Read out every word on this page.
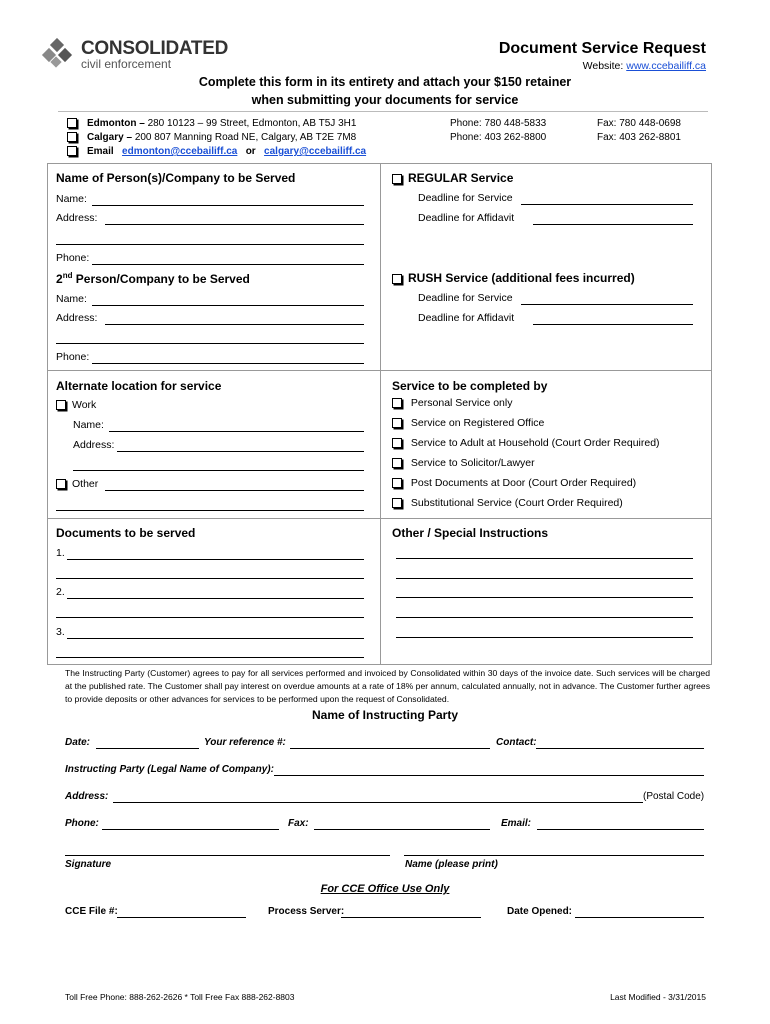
CONSOLIDATED
civil enforcement
Document Service Request
Website: www.ccebailiff.ca
Complete this form in its entirety and attach your $150 retainer
when submitting your documents for service
Edmonton – 280 10123 – 99 Street, Edmonton, AB T5J 3H1	Phone: 780 448-5833	Fax: 780 448-0698
Calgary – 200 807 Manning Road NE, Calgary, AB T2E 7M8	Phone: 403 262-8800	Fax: 403 262-8801
Email edmonton@ccebailiff.ca or calgary@ccebailiff.ca
Name of Person(s)/Company to be Served
Name:
Address:
Phone:
2nd Person/Company to be Served
Name:
Address:
Phone:
REGULAR Service
Deadline for Service
Deadline for Affidavit
RUSH Service (additional fees incurred)
Deadline for Service
Deadline for Affidavit
Alternate location for service
Work
Name:
Address:
Other
Service to be completed by
Personal Service only
Service on Registered Office
Service to Adult at Household (Court Order Required)
Service to Solicitor/Lawyer
Post Documents at Door (Court Order Required)
Substitutional Service (Court Order Required)
Documents to be served
1.
2.
3.
Other / Special Instructions
The Instructing Party (Customer) agrees to pay for all services performed and invoiced by Consolidated within 30 days of the invoice date. Such services will be charged at the published rate. The Customer shall pay interest on overdue amounts at a rate of 18% per annum, calculated annually, not in advance. The Customer further agrees to provide deposits or other advances for services to be performed upon the request of Consolidated.
Name of Instructing Party
Date:	Your reference #:	Contact:
Instructing Party (Legal Name of Company):
Address:	(Postal Code)
Phone:	Fax:	Email:
Signature	Name (please print)
For CCE Office Use Only
CCE File #:	Process Server:	Date Opened:
Toll Free Phone: 888-262-2626 * Toll Free Fax 888-262-8803	Last Modified - 3/31/2015
